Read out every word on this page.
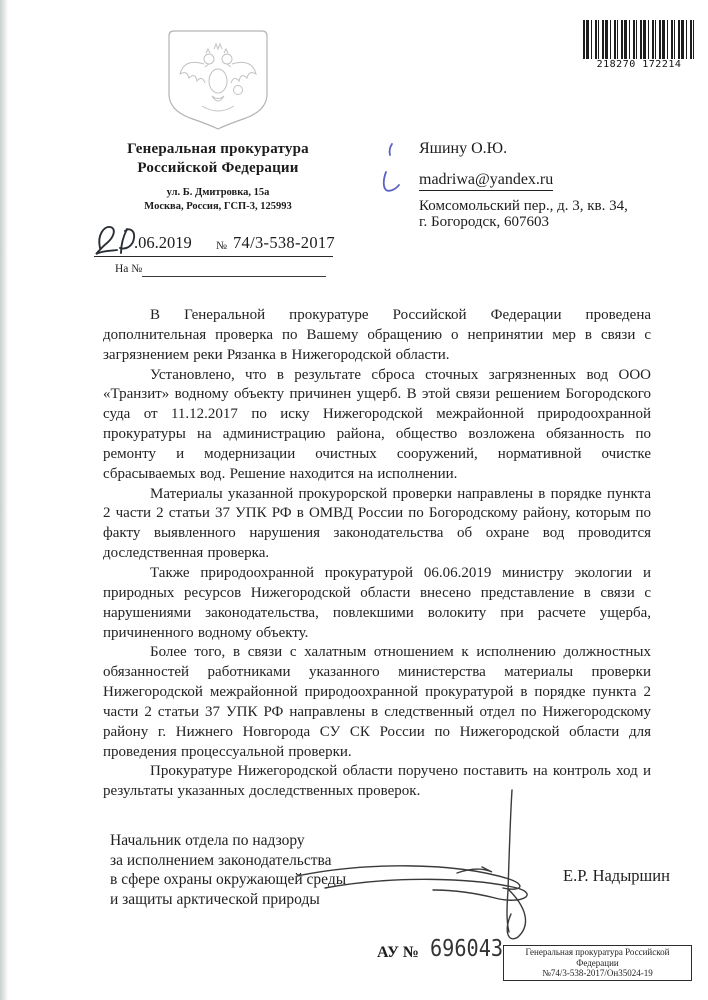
218270 172214
Генеральная прокуратура
Российской Федерации
ул. Б. Дмитровка, 15а
Москва, Россия, ГСП-3, 125993
.06.2019 № 74/3-538-2017
На №
Яшину О.Ю.
madriwa@yandex.ru
Комсомольский пер., д. 3, кв. 34,
г. Богородск, 607603

В Генеральной прокуратуре Российской Федерации проведена дополнительная проверка по Вашему обращению о непринятии мер в связи с загрязнением реки Рязанка в Нижегородской области.

Установлено, что в результате сброса сточных загрязненных вод ООО «Транзит» водному объекту причинен ущерб. В этой связи решением Богородского суда от 11.12.2017 по иску Нижегородской межрайонной природоохранной прокуратуры на администрацию района, общество возложена обязанность по ремонту и модернизации очистных сооружений, нормативной очистке сбрасываемых вод. Решение находится на исполнении.

Материалы указанной прокурорской проверки направлены в порядке пункта 2 части 2 статьи 37 УПК РФ в ОМВД России по Богородскому району, которым по факту выявленного нарушения законодательства об охране вод проводится доследственная проверка.

Также природоохранной прокуратурой 06.06.2019 министру экологии и природных ресурсов Нижегородской области внесено представление в связи с нарушениями законодательства, повлекшими волокиту при расчете ущерба, причиненного водному объекту.

Более того, в связи с халатным отношением к исполнению должностных обязанностей работниками указанного министерства материалы проверки Нижегородской межрайонной природоохранной прокуратурой в порядке пункта 2 части 2 статьи 37 УПК РФ направлены в следственный отдел по Нижегородскому району г. Нижнего Новгорода СУ СК России по Нижегородской области для проведения процессуальной проверки.

Прокуратуре Нижегородской области поручено поставить на контроль ход и результаты указанных доследственных проверок.

Начальник отдела по надзору
за исполнением законодательства
в сфере охраны окружающей среды
и защиты арктической природы
Е.Р. Надыршин
АУ № 696043	Генеральная прокуратура Российской
Федерации
№74/3-538-2017/Он35024-19
